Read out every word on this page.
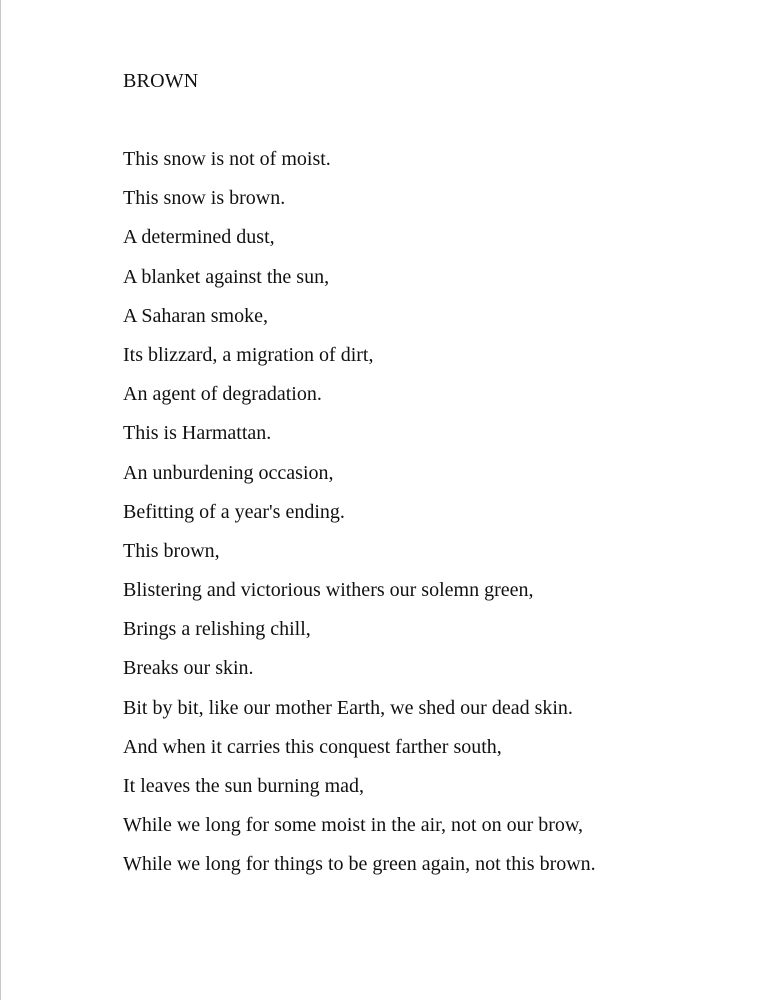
BROWN
This snow is not of moist.
This snow is brown.
A determined dust,
A blanket against the sun,
A Saharan smoke,
Its blizzard, a migration of dirt,
An agent of degradation.
This is Harmattan.
An unburdening occasion,
Befitting of a year's ending.
This brown,
Blistering and victorious withers our solemn green,
Brings a relishing chill,
Breaks our skin.
Bit by bit, like our mother Earth, we shed our dead skin.
And when it carries this conquest farther south,
It leaves the sun burning mad,
While we long for some moist in the air, not on our brow,
While we long for things to be green again, not this brown.
